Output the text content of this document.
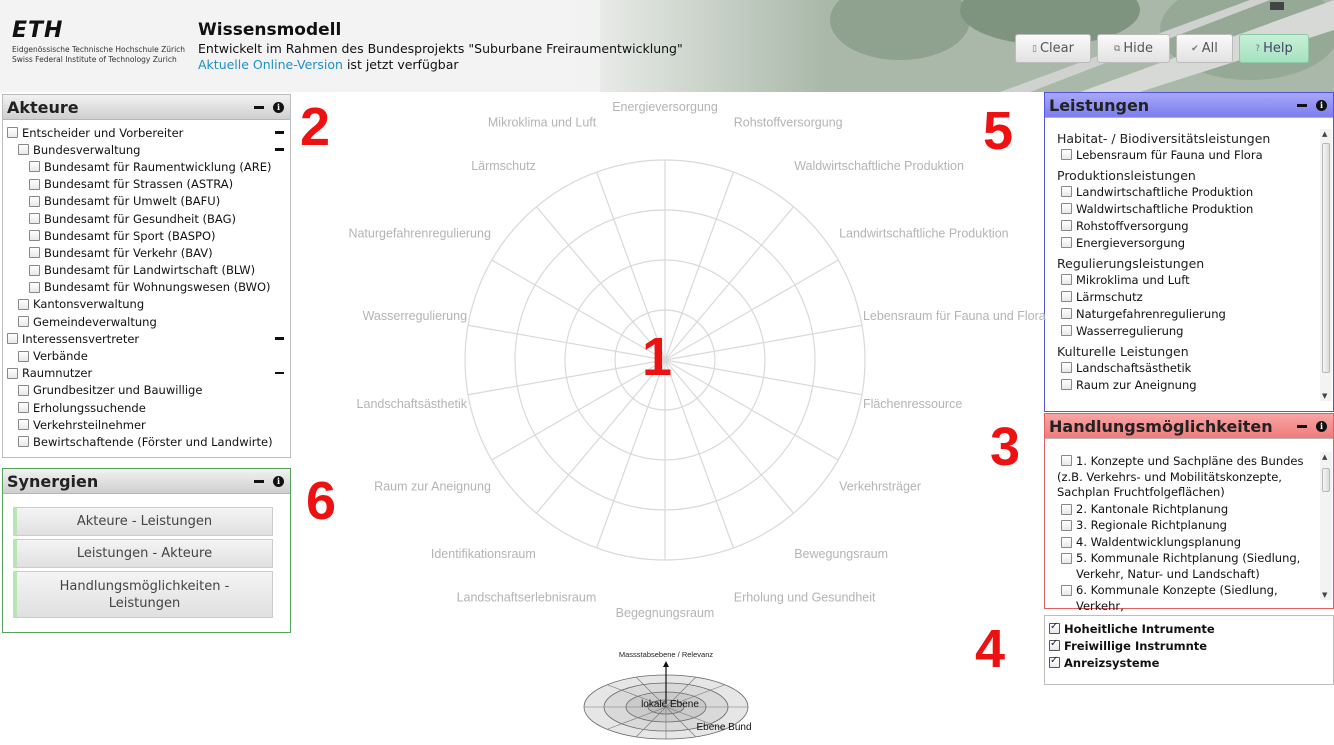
ETH
Eidgenössische Technische Hochschule Zürich
Swiss Federal Institute of Technology Zurich
Wissensmodell
Entwickelt im Rahmen des Bundesprojekts "Suburbane Freiraumentwicklung"
Aktuelle Online-Version ist jetzt verfügbar
▯ Clear	⧉ Hide	✔ All	? Help
Akteure	i
Entscheider und Vorbereiter
Bundesverwaltung
Bundesamt für Raumentwicklung (ARE)
Bundesamt für Strassen (ASTRA)
Bundesamt für Umwelt (BAFU)
Bundesamt für Gesundheit (BAG)
Bundesamt für Sport (BASPO)
Bundesamt für Verkehr (BAV)
Bundesamt für Landwirtschaft (BLW)
Bundesamt für Wohnungswesen (BWO)
Kantonsverwaltung
Gemeindeverwaltung
Interessensvertreter
Verbände
Raumnutzer
Grundbesitzer und Bauwillige
Erholungssuchende
Verkehrsteilnehmer
Bewirtschaftende (Förster und Landwirte)
Synergien	i
Akteure - Leistungen
Leistungen - Akteure
Handlungsmöglichkeiten - Leistungen
Leistungen	i
Habitat- / Biodiversitätsleistungen
Lebensraum für Fauna und Flora
Produktionsleistungen
Landwirtschaftliche Produktion
Waldwirtschaftliche Produktion
Rohstoffversorgung
Energieversorgung
Regulierungsleistungen
Mikroklima und Luft
Lärmschutz
Naturgefahrenregulierung
Wasserregulierung
Kulturelle Leistungen
Landschaftsästhetik
Raum zur Aneignung
▲
▼
Handlungsmöglichkeiten	i
1. Konzepte und Sachpläne des Bundes (z.B. Verkehrs- und Mobilitätskonzepte, Sachplan Fruchtfolgeflächen)
2. Kantonale Richtplanung
3. Regionale Richtplanung
4. Waldentwicklungsplanung
5. Kommunale Richtplanung (Siedlung, Verkehr, Natur- und Landschaft)
6. Kommunale Konzepte (Siedlung, Verkehr,
▲
▼
✓
Hoheitliche Intrumente
✓
Freiwillige Instrumnte
✓
Anreizsysteme
Energieversorgung
Rohstoffversorgung
Waldwirtschaftliche Produktion
Landwirtschaftliche Produktion
Lebensraum für Fauna und Flora
Flächenressource
Verkehrsträger
Bewegungsraum
Erholung und Gesundheit
Begegnungsraum
Landschaftserlebnisraum
Identifikationsraum
Raum zur Aneignung
Landschaftsästhetik
Wasserregulierung
Naturgefahrenregulierung
Lärmschutz
Mikroklima und Luft
Massstabsebene / Relevanz
lokale Ebene
Ebene Bund
1
2
3
4
5
6
